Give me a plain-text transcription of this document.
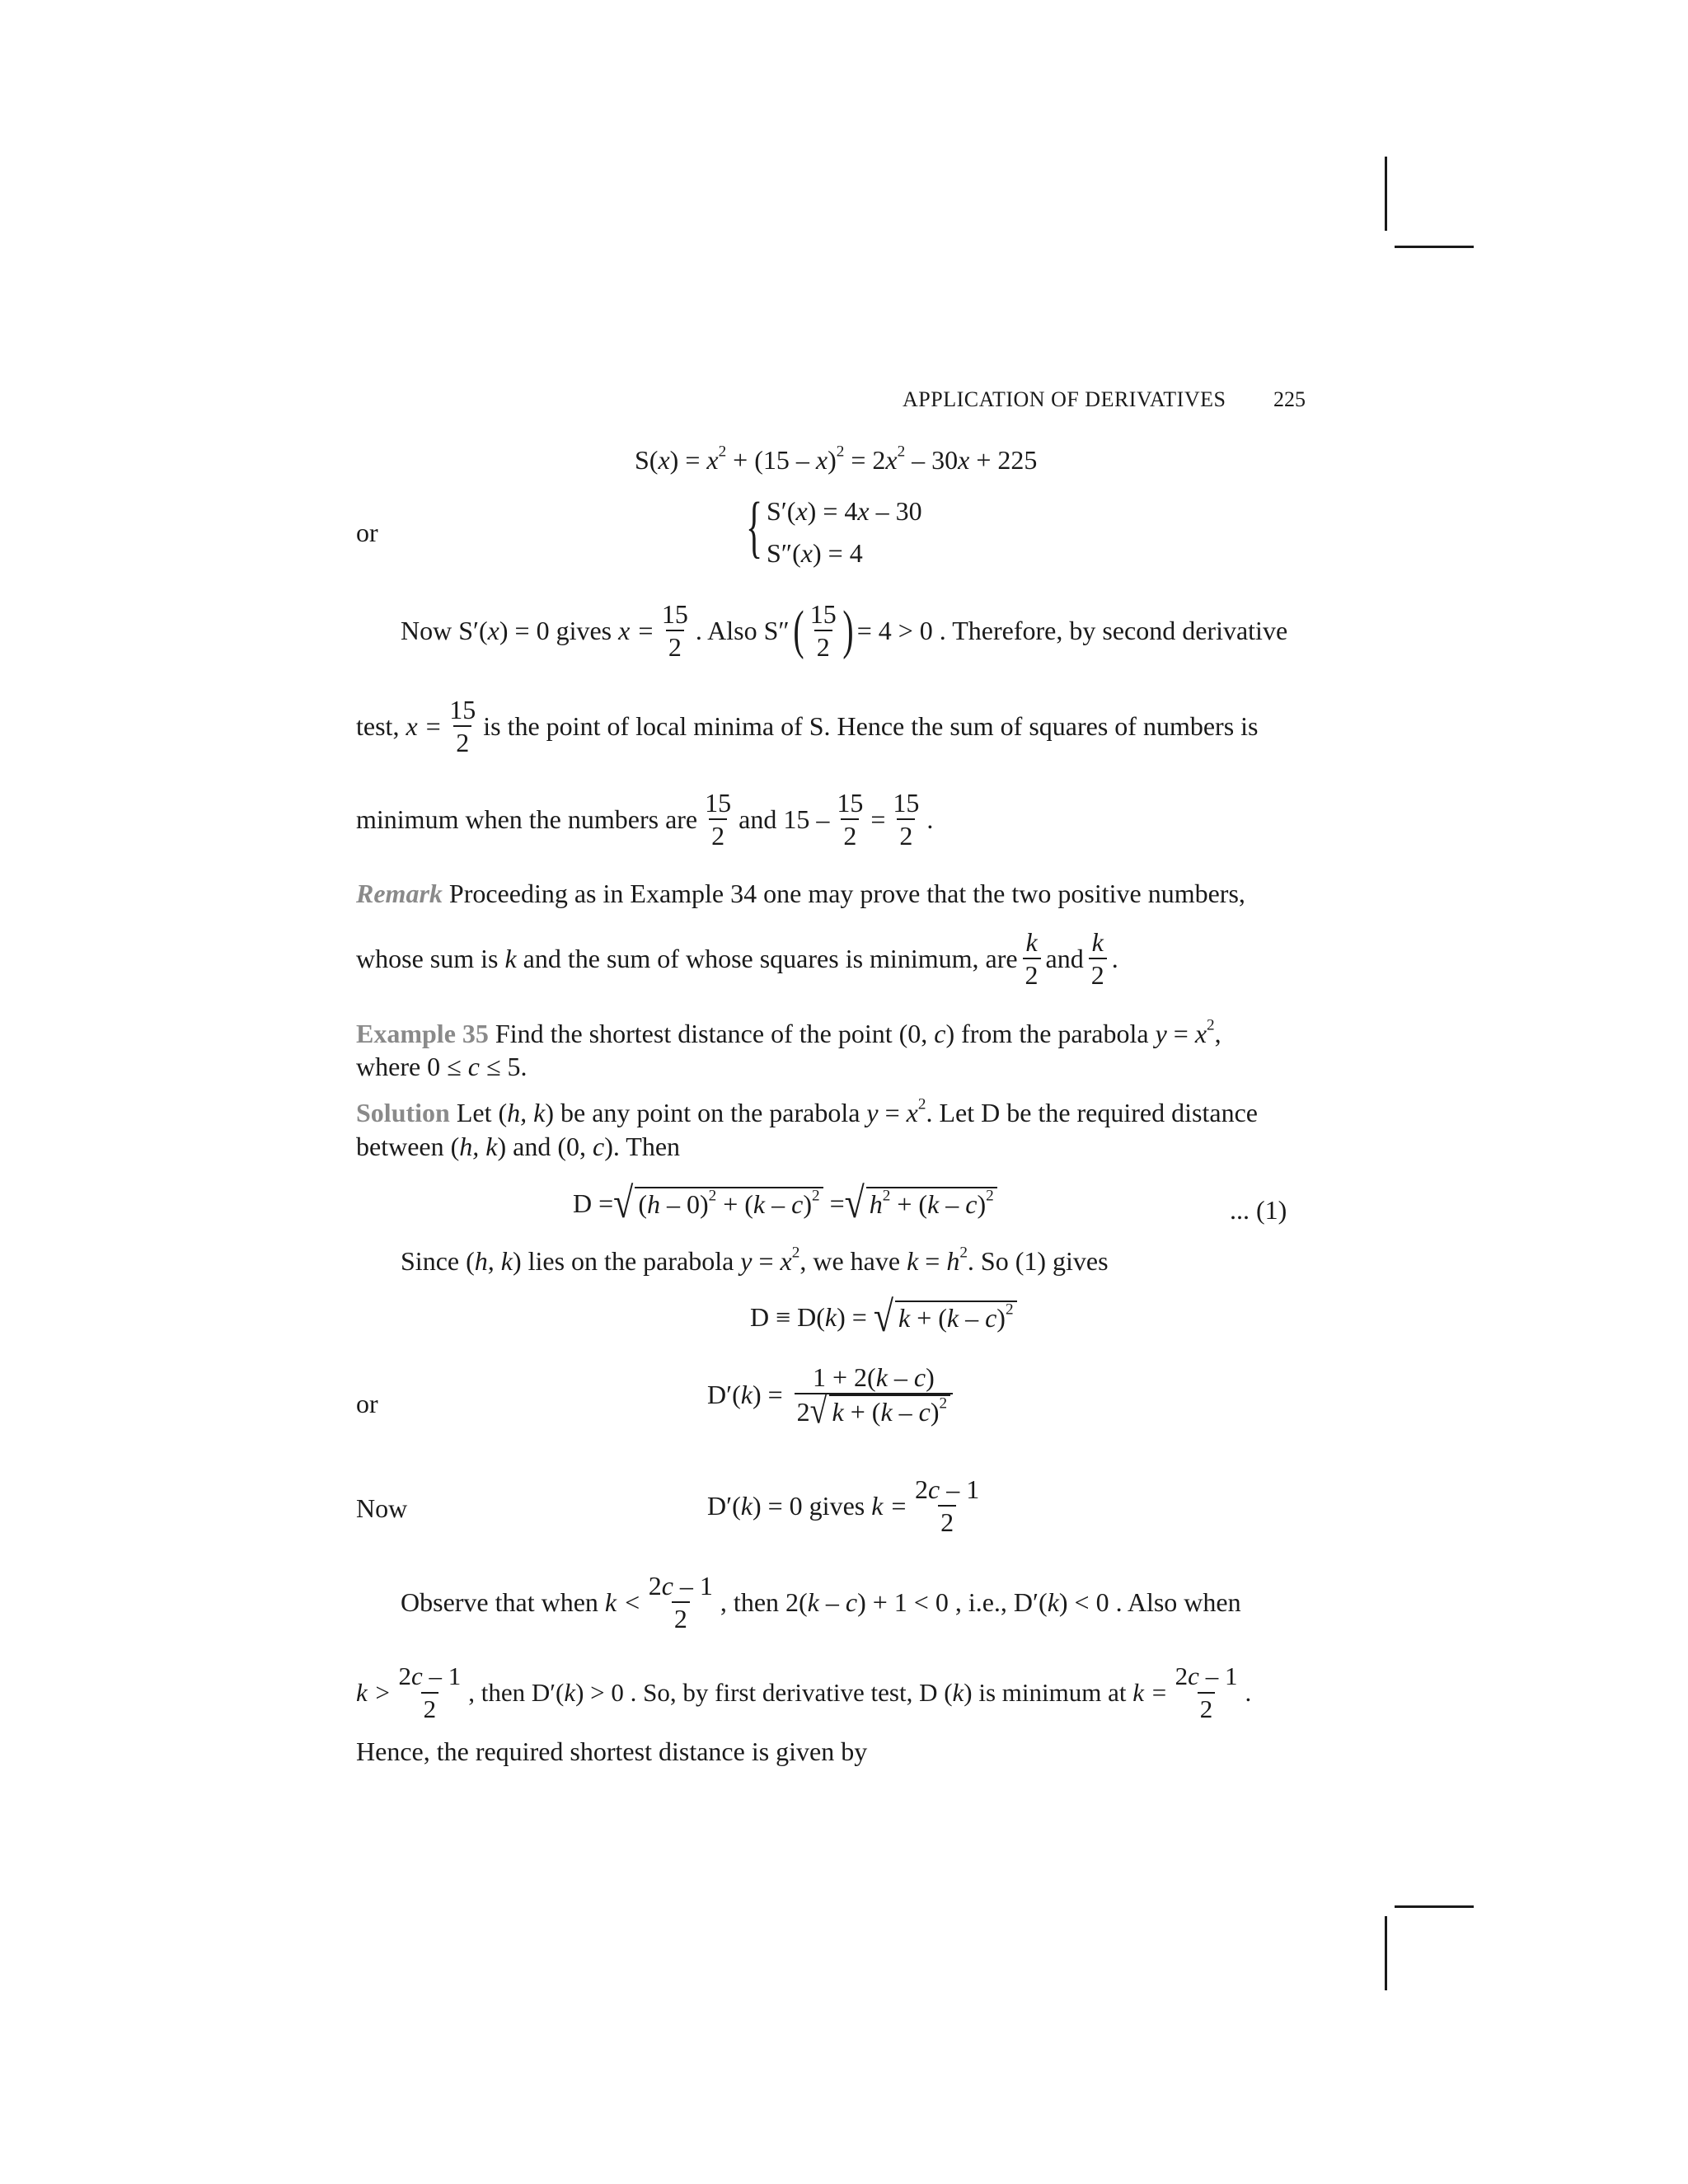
APPLICATION OF DERIVATIVES 225
$S(x) = x^2 + (15 - x)^2 = 2x^2 - 30x + 225$
or	{ S′(x) = 4x – 30
S″(x) = 4
Now S′(x) = 0 gives
$x = \frac{15}{2}$ . Also S″ ( $\frac{15}{2}$ ) = 4 > 0 . Therefore, by second derivative
test,
$x = \frac{15}{2}$ is the point of local minima of S. Hence the sum of squares of numbers is
minimum when the numbers are $\frac{15}{2}$ and
$15 - \frac{15}{2} = \frac{15}{2}$ .
Remark Proceeding as in Example 34 one may prove that the two positive numbers,
whose sum is k and the sum of whose squares is minimum, are $\frac{k}{2}$ and $\frac{k}{2}$ .
Example 35 Find the shortest distance of the point (0, c) from the parabola $y = x^2$,
where 0 ≤ c ≤ 5.
Solution Let (h, k) be any point on the parabola $y = x^2$. Let D be the required distance
between (h, k) and (0, c). Then
D = √ (h – 0)$^2$ + (k – c)$^2$
= √ $h^2 + (k - c)^2$	... (1)
Since (h, k) lies on the parabola $y = x^2$, we have $k = h^2$. So (1) gives
D ≡ D(k) =
√ k + (k – c)$^2$
or	$D'(k) = \frac{1 + 2(k - c)}{2√ k + (k - c)^2}$
Now	D′(k) = 0 gives
$k = \frac{2c - 1}{2}$
Observe that when
$k < \frac{2c - 1}{2}$ , then 2(k – c) + 1 < 0 , i.e., D′(k) < 0 . Also when
$k > \frac{2c - 1}{2}$ , then D′(k) > 0 . So, by first derivative test, D (k) is minimum at
$k = \frac{2c - 1}{2}$ .
Hence, the required shortest distance is given by
